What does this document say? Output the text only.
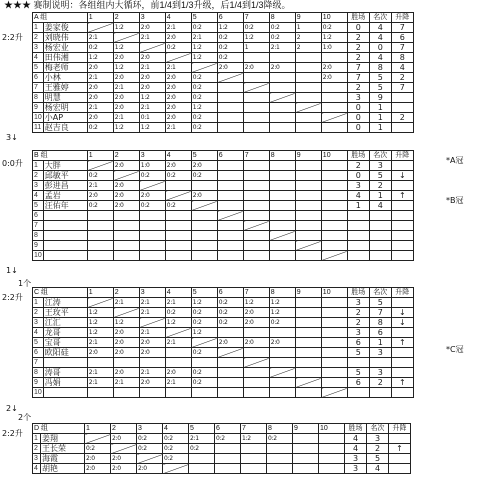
★★★ 赛制说明：各组组内大循环，前1/4到1/3升级，后1/4到1/3降级。
A 组		1	2	3	4	5	6	7	8	9	10	胜场	名次	升降
1	姜家俊		1:2	2:0	2:1	0:2	1:2	0:2	0:2	1	0:2	0	4	7
2	刘晓伟	2:1		2:1	2:0	2:1	0:2	1:2	0:2	2	1:2	2	4	6
3	杨宏业	0:2	1:2		0:2	1:2	0:2	1	2:1	2	1:0	2	0	7
4	田伟湘	1:2	2:0	2:0		1:2	0:2					2	4	8
5	梅老师	2:0	1:2	2:1	2:1		2:0	2:0	2:0		2:0	7	8	4
6	小林	2:1	2:0	2:0	2:0	0:2					2:0	7	5	2
7	王雅婷	2:0	2:1	2:0	2:0	0:2						2	5	7
8	明慧	2:0	2:0	1:2	2:0	0:2						3	9	
9	杨宏明	2:1	2:0	2:1	2:0	1:2						0	1	
10	小AP	2:0	2:1	0:1	2:0	0:2						0	1	2
11	赵吉良	0:2	1:2	1:2	2:1	0:2						0	1	
B 组		1	2	3	4	5	6	7	8	9	10	胜场	名次	升降
1	大胖		2:0	1:0	2:0	2:0						2	3	
2	邱敏平	0:2		0:2	0:2	0:2						0	5	↓
3	彭进昌	2:1	2:0									3	2	
4	孟岩	2:0	2:0	2:0		2:0						4	1	↑
5	汪佑年	0:2	2:0	0:2	0:2							1	4	
6														
7														
8														
9														
10														
C 组		1	2	3	4	5	6	7	8	9	10	胜场	名次	升降
1	江涛		2:1	2:1	2:1	1:2	0:2	1:2	1:2			3	5	
2	王玫平	1:2		2:1	0:2	0:2	0:2	2:0	1:2			2	7	↓
3	江汇	1:2	1:2		1:2	0:2	0:2	2:0	0:2			2	8	↓
4	龙哥	1:2	2:0	2:1		1:2						3	6	
5	宝哥	2:1	2:0	2:0	2:1		2:0	2:0	2:0			6	1	↑
6	欧阳硅	2:0	2:0	2:0		0:2						5	3	
7														
8	涛哥	2:1	2:0	2:1	2:0	0:2						5	3	
9	冯娟	2:1	2:1	2:0	2:1	0:2						6	2	↑
10														
D 组		1	2	3	4	5	6	7	8	9	10	胜场	名次	升降
1	姜翔		2:0	0:2	0:2	2:1	0:2	1:2	0:2			4	3	
2	王长荣	0:2		0:2	0:2	0:2						4	2	↑
3	海霞	2:0	2:0		0:2							3	5	
4	胡艳	2:0	2:0	2:0								3	4	
2:2升
3↓
*A冠
0:0升
1↓
*B冠
2:2升
2↓
*C冠
2:2升
1个
2个
